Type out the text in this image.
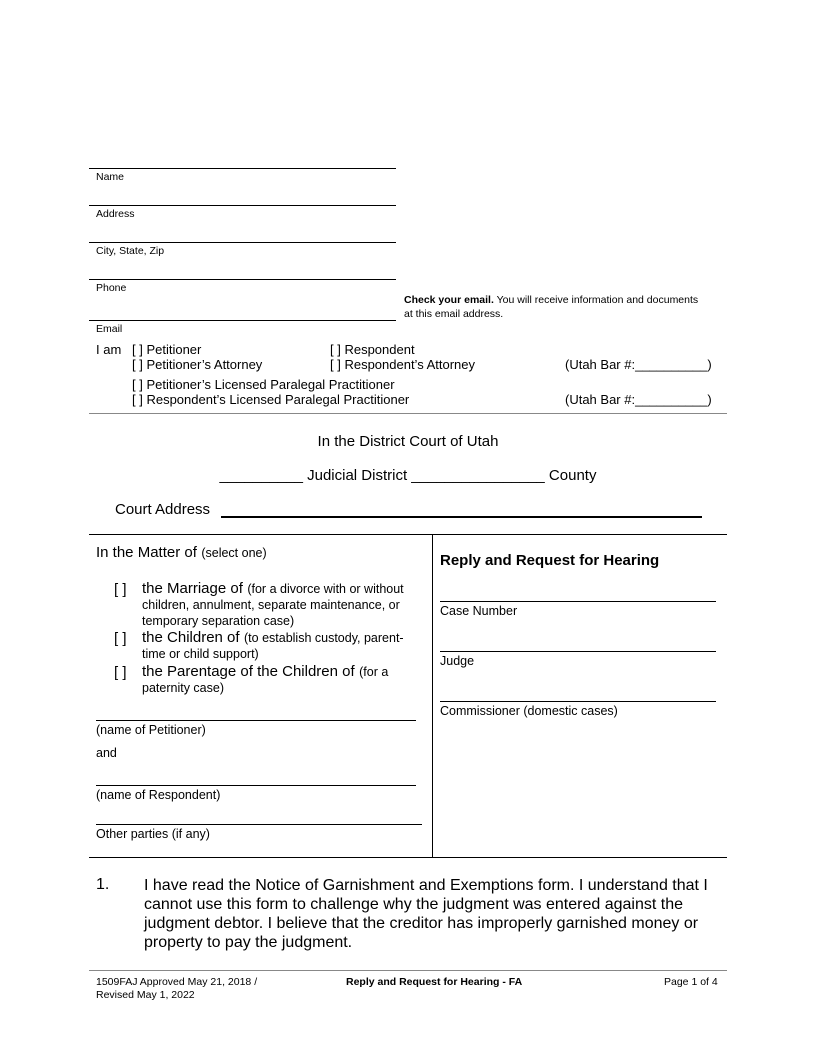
Name
Address
City, State, Zip
Phone
Email
Check your email. You will receive information and documents at this email address.
I am [ ] Petitioner	[ ] Respondent
[ ] Petitioner’s Attorney	[ ] Respondent’s Attorney	(Utah Bar #:__________)
[ ] Petitioner’s Licensed Paralegal Practitioner
[ ] Respondent’s Licensed Paralegal Practitioner	(Utah Bar #:__________)
In the District Court of Utah
__________ Judicial District ________________ County
Court Address
In the Matter of (select one)
[ ] the Marriage of (for a divorce with or without children, annulment, separate maintenance, or temporary separation case)
[ ] the Children of (to establish custody, parent-time or child support)
[ ] the Parentage of the Children of (for a paternity case)
(name of Petitioner)
and
(name of Respondent)
Other parties (if any)
Reply and Request for Hearing
Case Number
Judge
Commissioner (domestic cases)
1. I have read the Notice of Garnishment and Exemptions form. I understand that I cannot use this form to challenge why the judgment was entered against the judgment debtor. I believe that the creditor has improperly garnished money or property to pay the judgment.
1509FAJ Approved May 21, 2018 /
Revised May 1, 2022
Reply and Request for Hearing - FA	Page 1 of 4
